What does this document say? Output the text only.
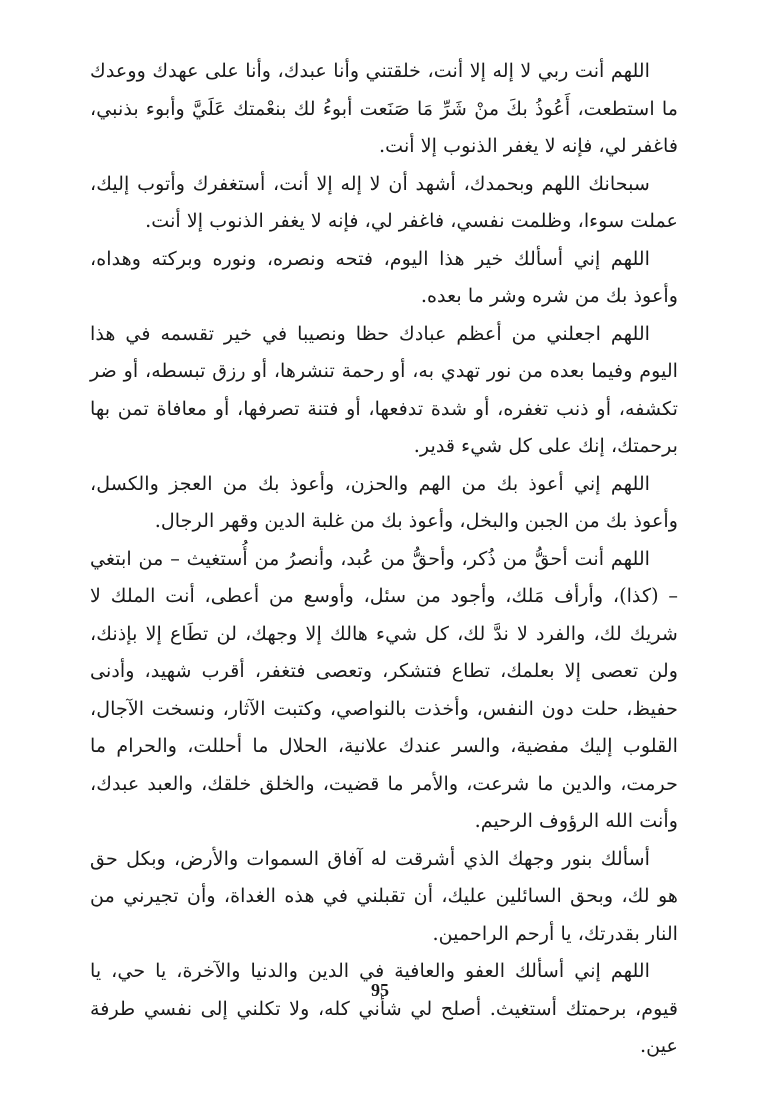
اللهم أنت ربي لا إله إلا أنت، خلقتني وأنا عبدك، وأنا على عهدك ووعدك ما استطعت، أَعُوذُ بكَ منْ شَرِّ مَا صَنَعت أبوءُ لك بنعْمتك عَلَيَّ وأبوء بذنبي، فاغفر لي، فإنه لا يغفر الذنوب إلا أنت.

سبحانك اللهم وبحمدك، أشهد أن لا إله إلا أنت، أستغفرك وأتوب إليك، عملت سوءا، وظلمت نفسي، فاغفر لي، فإنه لا يغفر الذنوب إلا أنت.

اللهم إني أسألك خير هذا اليوم، فتحه ونصره، ونوره وبركته وهداه، وأعوذ بك من شره وشر ما بعده.

اللهم اجعلني من أعظم عبادك حظا ونصيبا في خير تقسمه في هذا اليوم وفيما بعده من نور تهدي به، أو رحمة تنشرها، أو رزق تبسطه، أو ضر تكشفه، أو ذنب تغفره، أو شدة تدفعها، أو فتنة تصرفها، أو معافاة تمن بها برحمتك، إنك على كل شيء قدير.

اللهم إني أعوذ بك من الهم والحزن، وأعوذ بك من العجز والكسل، وأعوذ بك من الجبن والبخل، وأعوذ بك من غلبة الدين وقهر الرجال.

اللهم أنت أحقُّ من ذُكر، وأحقُّ من عُبد، وأنصرُ من أُستغيث – من ابتغي – (كذا)، وأرأف مَلك، وأجود من سئل، وأوسع من أعطى، أنت الملك لا شريك لك، والفرد لا ندَّ لك، كل شيء هالك إلا وجهك، لن تطَاع إلا بإذنك، ولن تعصى إلا بعلمك، تطاع فتشكر، وتعصى فتغفر، أقرب شهيد، وأدنى حفيظ، حلت دون النفس، وأخذت بالنواصي، وكتبت الآثار، ونسخت الآجال، القلوب إليك مفضية، والسر عندك علانية، الحلال ما أحللت، والحرام ما حرمت، والدين ما شرعت، والأمر ما قضيت، والخلق خلقك، والعبد عبدك، وأنت الله الرؤوف الرحيم.

أسألك بنور وجهك الذي أشرقت له آفاق السموات والأرض، وبكل حق هو لك، وبحق السائلين عليك، أن تقبلني في هذه الغداة، وأن تجيرني من النار بقدرتك، يا أرحم الراحمين.

اللهم إني أسألك العفو والعافية في الدين والدنيا والآخرة، يا حي، يا قيوم، برحمتك أستغيث. أصلح لي شأني كله، ولا تكلني إلى نفسي طرفة عين.

95
